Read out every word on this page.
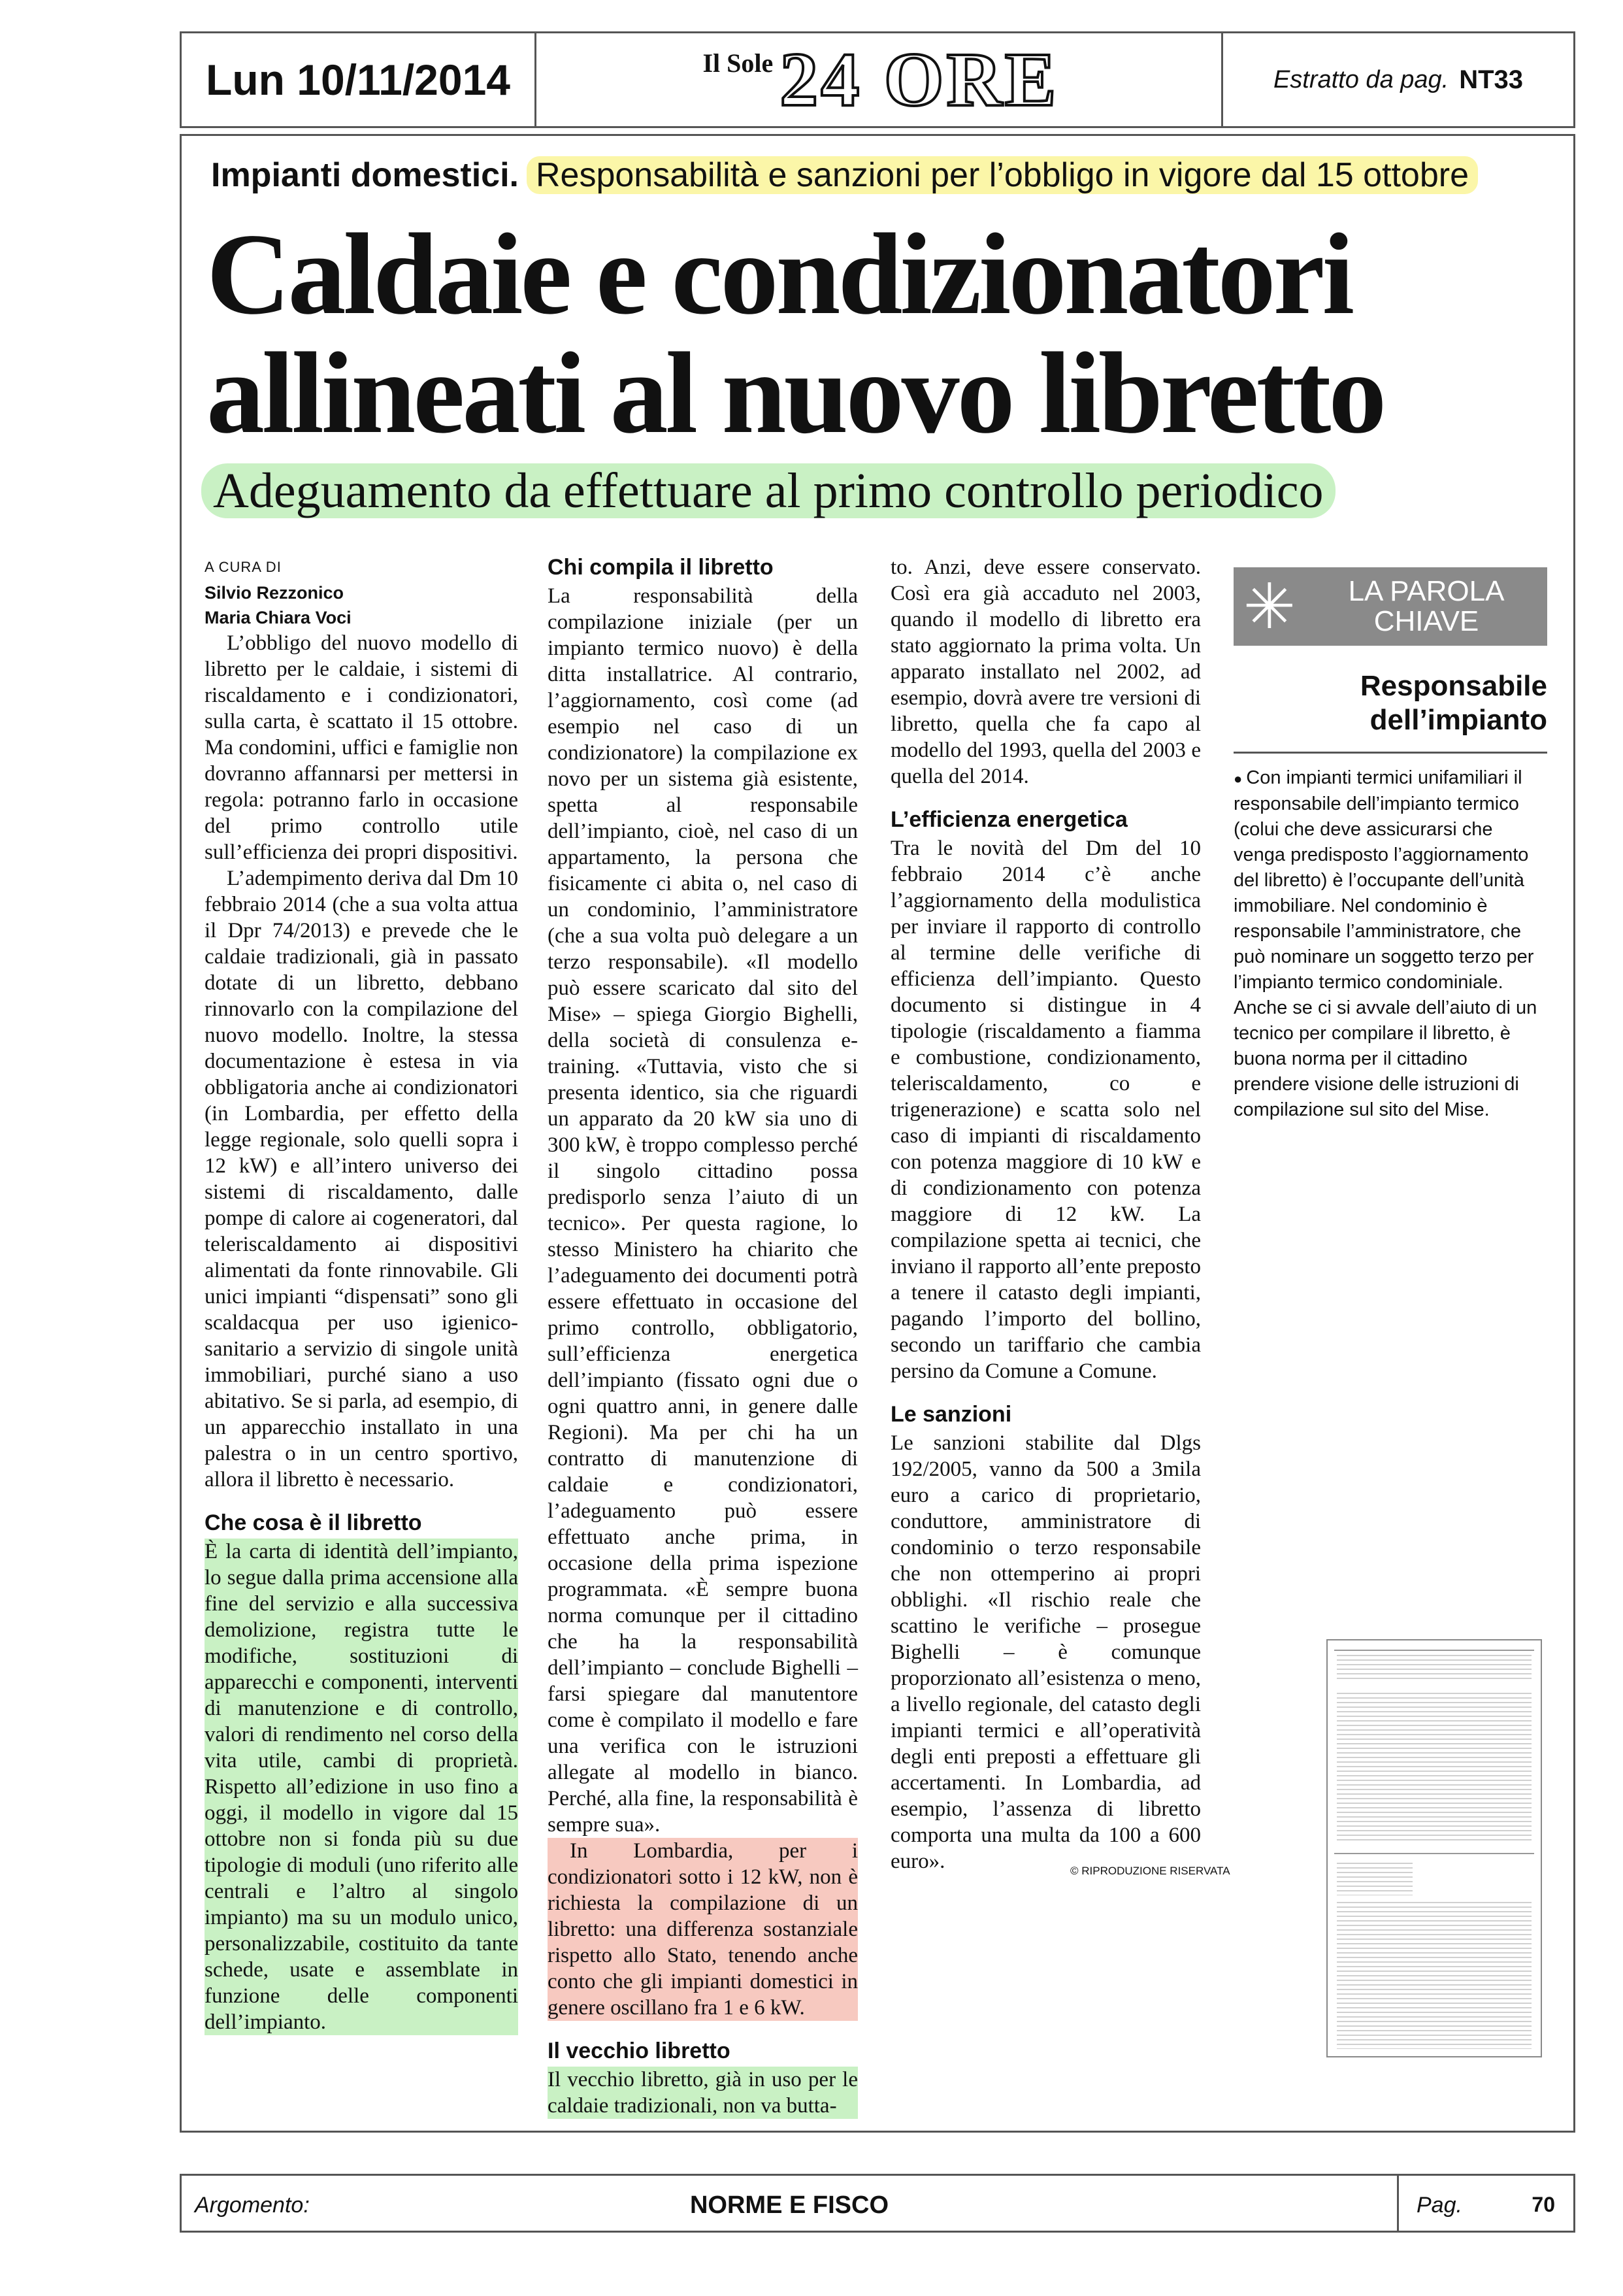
Lun 10/11/2014	Il Sole 24 ORE	Estratto da pag. NT33
Impianti domestici. Responsabilità e sanzioni per l’obbligo in vigore dal 15 ottobre
Caldaie e condizionatori
allineati al nuovo libretto
Adeguamento da effettuare al primo controllo periodico
A CURA DI
Silvio Rezzonico
Maria Chiara Voci

L’obbligo del nuovo modello di libretto per le caldaie, i sistemi di riscaldamento e i condizionatori, sulla carta, è scattato il 15 ottobre. Ma condomini, uffici e famiglie non dovranno affannarsi per mettersi in regola: potranno farlo in occasione del primo controllo utile sull’efficienza dei propri dispositivi.

L’adempimento deriva dal Dm 10 febbraio 2014 (che a sua volta attua il Dpr 74/2013) e prevede che le caldaie tradizionali, già in passato dotate di un libretto, debbano rinnovarlo con la compilazione del nuovo modello. Inoltre, la stessa documentazione è estesa in via obbligatoria anche ai condizionatori (in Lombardia, per effetto della legge regionale, solo quelli sopra i 12 kW) e all’intero universo dei sistemi di riscaldamento, dalle pompe di calore ai cogeneratori, dal teleriscaldamento ai dispositivi alimentati da fonte rinnovabile. Gli unici impianti “dispensati” sono gli scaldacqua per uso igienico-sanitario a servizio di singole unità immobiliari, purché siano a uso abitativo. Se si parla, ad esempio, di un apparecchio installato in una palestra o in un centro sportivo, allora il libretto è necessario.

Che cosa è il libretto

È la carta di identità dell’impianto, lo segue dalla prima accensione alla fine del servizio e alla successiva demolizione, registra tutte le modifiche, sostituzioni di apparecchi e componenti, interventi di manutenzione e di controllo, valori di rendimento nel corso della vita utile, cambi di proprietà. Rispetto all’edizione in uso fino a oggi, il modello in vigore dal 15 ottobre non si fonda più su due tipologie di moduli (uno riferito alle centrali e l’altro al singolo impianto) ma su un modulo unico, personalizzabile, costituito da tante schede, usate e assemblate in funzione delle componenti dell’impianto.

Chi compila il libretto

La responsabilità della compilazione iniziale (per un impianto termico nuovo) è della ditta installatrice. Al contrario, l’aggiornamento, così come (ad esempio nel caso di un condizionatore) la compilazione ex novo per un sistema già esistente, spetta al responsabile dell’impianto, cioè, nel caso di un appartamento, la persona che fisicamente ci abita o, nel caso di un condominio, l’amministratore (che a sua volta può delegare a un terzo responsabile). «Il modello può essere scaricato dal sito del Mise» – spiega Giorgio Bighelli, della società di consulenza e-training. «Tuttavia, visto che si presenta identico, sia che riguardi un apparato da 20 kW sia uno di 300 kW, è troppo complesso perché il singolo cittadino possa predisporlo senza l’aiuto di un tecnico». Per questa ragione, lo stesso Ministero ha chiarito che l’adeguamento dei documenti potrà essere effettuato in occasione del primo controllo, obbligatorio, sull’efficienza energetica dell’impianto (fissato ogni due o ogni quattro anni, in genere dalle Regioni). Ma per chi ha un contratto di manutenzione di caldaie e condizionatori, l’adeguamento può essere effettuato anche prima, in occasione della prima ispezione programmata. «È sempre buona norma comunque per il cittadino che ha la responsabilità dell’impianto – conclude Bighelli – farsi spiegare dal manutentore come è compilato il modello e fare una verifica con le istruzioni allegate al modello in bianco. Perché, alla fine, la responsabilità è sempre sua».

In Lombardia, per i condizionatori sotto i 12 kW, non è richiesta la compilazione di un libretto: una differenza sostanziale rispetto allo Stato, tenendo anche conto che gli impianti domestici in genere oscillano fra 1 e 6 kW.

Il vecchio libretto

Il vecchio libretto, già in uso per le caldaie tradizionali, non va butta-

to. Anzi, deve essere conservato. Così era già accaduto nel 2003, quando il modello di libretto era stato aggiornato la prima volta. Un apparato installato nel 2002, ad esempio, dovrà avere tre versioni di libretto, quella che fa capo al modello del 1993, quella del 2003 e quella del 2014.

L’efficienza energetica

Tra le novità del Dm del 10 febbraio 2014 c’è anche l’aggiornamento della modulistica per inviare il rapporto di controllo al termine delle verifiche di efficienza dell’impianto. Questo documento si distingue in 4 tipologie (riscaldamento a fiamma e combustione, condizionamento, teleriscaldamento, co e trigenerazione) e scatta solo nel caso di impianti di riscaldamento con potenza maggiore di 10 kW e di condizionamento con potenza maggiore di 12 kW. La compilazione spetta ai tecnici, che inviano il rapporto all’ente preposto a tenere il catasto degli impianti, pagando l’importo del bollino, secondo un tariffario che cambia persino da Comune a Comune.

Le sanzioni

Le sanzioni stabilite dal Dlgs 192/2005, vanno da 500 a 3mila euro a carico di proprietario, conduttore, amministratore di condominio o terzo responsabile che non ottemperino ai propri obblighi. «Il rischio reale che scattino le verifiche – prosegue Bighelli – è comunque proporzionato all’esistenza o meno, a livello regionale, del catasto degli impianti termici e all’operatività degli enti preposti a effettuare gli accertamenti. In Lombardia, ad esempio, l’assenza di libretto comporta una multa da 100 a 600 euro».	© RIPRODUZIONE RISERVATA
✳	LA PAROLA CHIAVE
Responsabile dell’impianto
● Con impianti termici unifamiliari il responsabile dell’impianto termico (colui che deve assicurarsi che venga predisposto l’aggiornamento del libretto) è l’occupante dell’unità immobiliare. Nel condominio è responsabile l’amministratore, che può nominare un soggetto terzo per l’impianto termico condominiale. Anche se ci si avvale dell’aiuto di un tecnico per compilare il libretto, è buona norma per il cittadino prendere visione delle istruzioni di compilazione sul sito del Mise.
Argomento:	NORME E FISCO	Pag.	70
